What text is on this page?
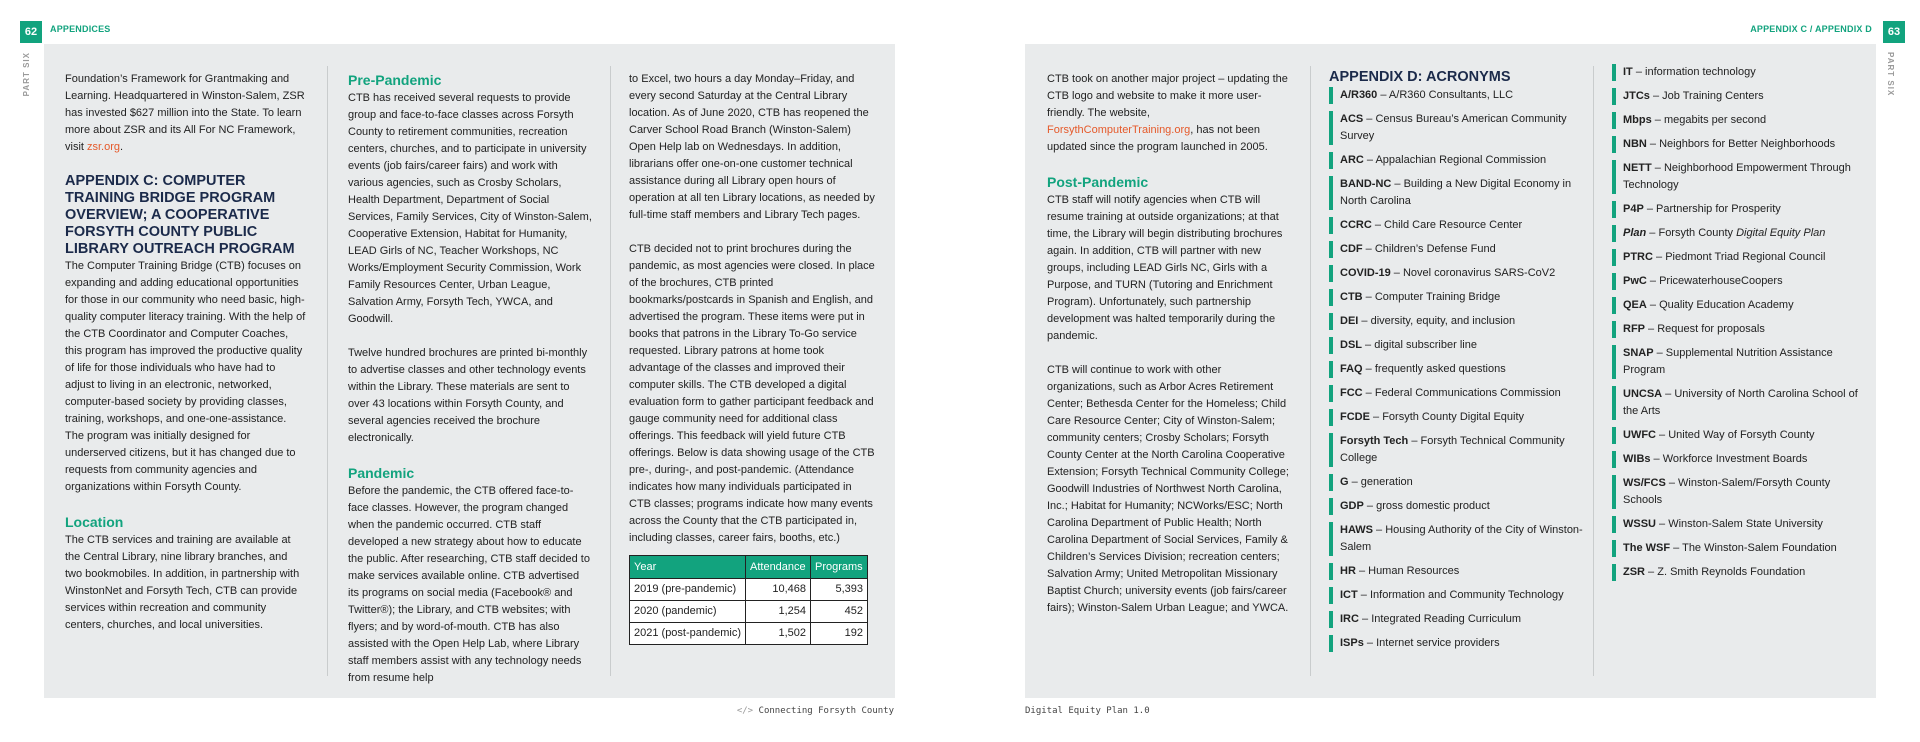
62	APPENDICES
PART SIX	Foundation’s Framework for Grantmaking and Learning. Headquartered in Winston-Salem, ZSR has invested $627 million into the State. To learn more about ZSR and its All For NC Framework, visit zsr.org.

APPENDIX C: COMPUTER TRAINING BRIDGE PROGRAM OVERVIEW; A COOPERATIVE FORSYTH COUNTY PUBLIC LIBRARY OUTREACH PROGRAM

The Computer Training Bridge (CTB) focuses on expanding and adding educational opportunities for those in our community who need basic, high-quality computer literacy training. With the help of the CTB Coordinator and Computer Coaches, this program has improved the productive quality of life for those individuals who have had to adjust to living in an electronic, networked, computer-based society by providing classes, training, workshops, and one-one-assistance. The program was initially designed for underserved citizens, but it has changed due to requests from community agencies and organizations within Forsyth County.

Location

The CTB services and training are available at the Central Library, nine library branches, and two bookmobiles. In addition, in partnership with WinstonNet and Forsyth Tech, CTB can provide services within recreation and community centers, churches, and local universities.

Pre-Pandemic

CTB has received several requests to provide group and face-to-face classes across Forsyth County to retirement communities, recreation centers, churches, and to participate in university events (job fairs/career fairs) and work with various agencies, such as Crosby Scholars, Health Department, Department of Social Services, Family Services, City of Winston-Salem, Cooperative Extension, Habitat for Humanity, LEAD Girls of NC, Teacher Workshops, NC Works/Employment Security Commission, Work Family Resources Center, Urban League, Salvation Army, Forsyth Tech, YWCA, and Goodwill.

Twelve hundred brochures are printed bi-monthly to advertise classes and other technology events within the Library. These materials are sent to over 43 locations within Forsyth County, and several agencies received the brochure electronically.

Pandemic

Before the pandemic, the CTB offered face-to-face classes. However, the program changed when the pandemic occurred. CTB staff developed a new strategy about how to educate the public. After researching, CTB staff decided to make services available online. CTB advertised its programs on social media (Facebook® and Twitter®); the Library, and CTB websites; with flyers; and by word-of-mouth. CTB has also assisted with the Open Help Lab, where Library staff members assist with any technology needs from resume help

to Excel, two hours a day Monday–Friday, and every second Saturday at the Central Library location. As of June 2020, CTB has reopened the Carver School Road Branch (Winston-Salem) Open Help lab on Wednesdays. In addition, librarians offer one-on-one customer technical assistance during all Library open hours of operation at all ten Library locations, as needed by full-time staff members and Library Tech pages.

CTB decided not to print brochures during the pandemic, as most agencies were closed. In place of the brochures, CTB printed bookmarks/postcards in Spanish and English, and advertised the program. These items were put in books that patrons in the Library To-Go service requested. Library patrons at home took advantage of the classes and improved their computer skills. The CTB developed a digital evaluation form to gather participant feedback and gauge community need for additional class offerings. This feedback will yield future CTB offerings. Below is data showing usage of the CTB pre-, during-, and post-pandemic. (Attendance indicates how many individuals participated in CTB classes; programs indicate how many events across the County that the CTB participated in, including classes, career fairs, booths, etc.)

Year	Attendance	Programs
2019 (pre-pandemic)	10,468	5,393
2020 (pandemic)	1,254	452
2021 (post-pandemic)	1,502	192
</> Connecting Forsyth County
63
APPENDIX C / APPENDIX D
PART SIX

CTB took on another major project – updating the CTB logo and website to make it more user-friendly. The website, ForsythComputerTraining.org, has not been updated since the program launched in 2005.

Post-Pandemic

CTB staff will notify agencies when CTB will resume training at outside organizations; at that time, the Library will begin distributing brochures again. In addition, CTB will partner with new groups, including LEAD Girls NC, Girls with a Purpose, and TURN (Tutoring and Enrichment Program). Unfortunately, such partnership development was halted temporarily during the pandemic.

CTB will continue to work with other organizations, such as Arbor Acres Retirement Center; Bethesda Center for the Homeless; Child Care Resource Center; City of Winston-Salem; community centers; Crosby Scholars; Forsyth County Center at the North Carolina Cooperative Extension; Forsyth Technical Community College; Goodwill Industries of Northwest North Carolina, Inc.; Habitat for Humanity; NCWorks/ESC; North Carolina Department of Public Health; North Carolina Department of Social Services, Family & Children’s Services Division; recreation centers; Salvation Army; United Metropolitan Missionary Baptist Church; university events (job fairs/career fairs); Winston-Salem Urban League; and YWCA.

APPENDIX D: ACRONYMS
A/R360 – A/R360 Consultants, LLC
ACS – Census Bureau’s American Community Survey
ARC – Appalachian Regional Commission
BAND-NC – Building a New Digital Economy in North Carolina
CCRC – Child Care Resource Center
CDF – Children’s Defense Fund
COVID-19 – Novel coronavirus SARS-CoV2
CTB – Computer Training Bridge
DEI – diversity, equity, and inclusion
DSL – digital subscriber line
FAQ – frequently asked questions
FCC – Federal Communications Commission
FCDE – Forsyth County Digital Equity
Forsyth Tech – Forsyth Technical Community College
G – generation
GDP – gross domestic product
HAWS – Housing Authority of the City of Winston-Salem
HR – Human Resources
ICT – Information and Community Technology
IRC – Integrated Reading Curriculum
ISPs – Internet service providers
IT – information technology
JTCs – Job Training Centers
Mbps – megabits per second
NBN – Neighbors for Better Neighborhoods
NETT – Neighborhood Empowerment Through Technology
P4P – Partnership for Prosperity
Plan – Forsyth County Digital Equity Plan
PTRC – Piedmont Triad Regional Council
PwC – PricewaterhouseCoopers
QEA – Quality Education Academy
RFP – Request for proposals
SNAP – Supplemental Nutrition Assistance Program
UNCSA – University of North Carolina School of the Arts
UWFC – United Way of Forsyth County
WIBs – Workforce Investment Boards
WS/FCS – Winston-Salem/Forsyth County Schools
WSSU – Winston-Salem State University
The WSF – The Winston-Salem Foundation
ZSR – Z. Smith Reynolds Foundation
Digital Equity Plan 1.0
